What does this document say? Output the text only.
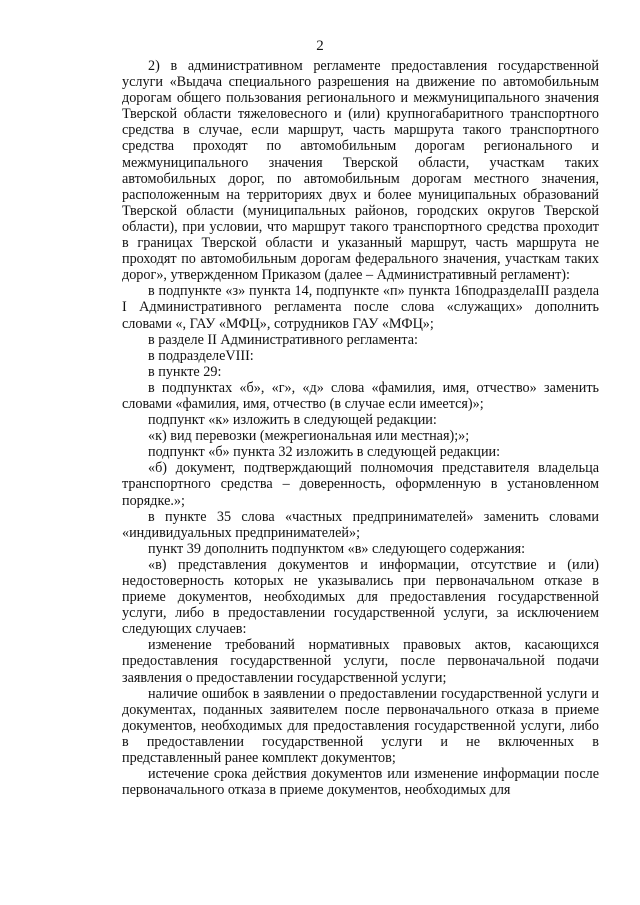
2

2) в административном регламенте предоставления государственной услуги «Выдача специального разрешения на движение по автомобильным дорогам общего пользования регионального и межмуниципального значения Тверской области тяжеловесного и (или) крупногабаритного транспортного средства в случае, если маршрут, часть маршрута такого транспортного средства проходят по автомобильным дорогам регионального и межмуниципального значения Тверской области, участкам таких автомобильных дорог, по автомобильным дорогам местного значения, расположенным на территориях двух и более муниципальных образований Тверской области (муниципальных районов, городских округов Тверской области), при условии, что маршрут такого транспортного средства проходит в границах Тверской области и указанный маршрут, часть маршрута не проходят по автомобильным дорогам федерального значения, участкам таких дорог», утвержденном Приказом (далее – Административный регламент):

в подпункте «з» пункта 14, подпункте «п» пункта 16подразделаIII раздела I Административного регламента после слова «служащих» дополнить словами «, ГАУ «МФЦ», сотрудников ГАУ «МФЦ»;

в разделе II Административного регламента:

в подразделеVIII:

в пункте 29:

в подпунктах «б», «г», «д» слова «фамилия, имя, отчество» заменить словами «фамилия, имя, отчество (в случае если имеется)»;

подпункт «к» изложить в следующей редакции:

«к) вид перевозки (межрегиональная или местная);»;

подпункт «б» пункта 32 изложить в следующей редакции:

«б) документ, подтверждающий полномочия представителя владельца транспортного средства – доверенность, оформленную в установленном порядке.»;

в пункте 35 слова «частных предпринимателей» заменить словами «индивидуальных предпринимателей»;

пункт 39 дополнить подпунктом «в» следующего содержания:

«в) представления документов и информации, отсутствие и (или) недостоверность которых не указывались при первоначальном отказе в приеме документов, необходимых для предоставления государственной услуги, либо в предоставлении государственной услуги, за исключением следующих случаев:

изменение требований нормативных правовых актов, касающихся предоставления государственной услуги, после первоначальной подачи заявления о предоставлении государственной услуги;

наличие ошибок в заявлении о предоставлении государственной услуги и документах, поданных заявителем после первоначального отказа в приеме документов, необходимых для предоставления государственной услуги, либо в предоставлении государственной услуги и не включенных в представленный ранее комплект документов;

истечение срока действия документов или изменение информации после первоначального отказа в приеме документов, необходимых для
